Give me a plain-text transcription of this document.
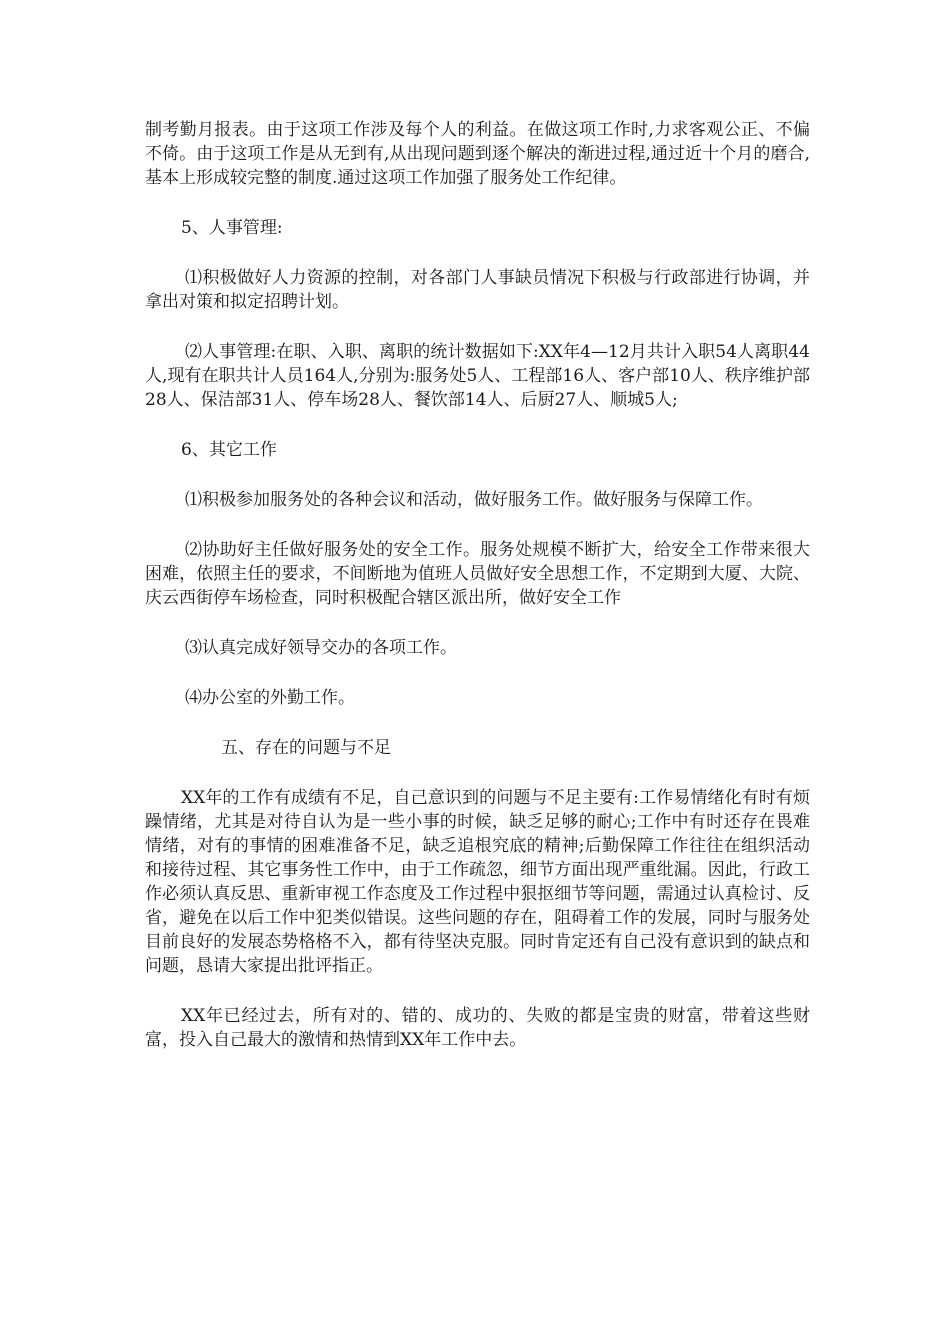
制考勤月报表。由于这项工作涉及每个人的利益。在做这项工作时,力求客观公正、不偏不倚。由于这项工作是从无到有,从出现问题到逐个解决的渐进过程,通过近十个月的磨合,基本上形成较完整的制度.通过这项工作加强了服务处工作纪律。

5、人事管理:

⑴积极做好人力资源的控制，对各部门人事缺员情况下积极与行政部进行协调，并拿出对策和拟定招聘计划。

⑵人事管理:在职、入职、离职的统计数据如下:XX年4—12月共计入职54人离职44人,现有在职共计人员164人,分别为:服务处5人、工程部16人、客户部10人、秩序维护部28人、保洁部31人、停车场28人、餐饮部14人、后厨27人、顺城5人;

6、其它工作

⑴积极参加服务处的各种会议和活动，做好服务工作。做好服务与保障工作。

⑵协助好主任做好服务处的安全工作。服务处规模不断扩大，给安全工作带来很大困难，依照主任的要求，不间断地为值班人员做好安全思想工作，不定期到大厦、大院、庆云西街停车场检查，同时积极配合辖区派出所，做好安全工作

⑶认真完成好领导交办的各项工作。

⑷办公室的外勤工作。

五、存在的问题与不足

XX年的工作有成绩有不足，自己意识到的问题与不足主要有:工作易情绪化有时有烦躁情绪，尤其是对待自认为是一些小事的时候，缺乏足够的耐心;工作中有时还存在畏难情绪，对有的事情的困难准备不足，缺乏追根究底的精神;后勤保障工作往往在组织活动和接待过程、其它事务性工作中，由于工作疏忽，细节方面出现严重纰漏。因此，行政工作必须认真反思、重新审视工作态度及工作过程中狠抠细节等问题，需通过认真检讨、反省，避免在以后工作中犯类似错误。这些问题的存在，阻碍着工作的发展，同时与服务处目前良好的发展态势格格不入，都有待坚决克服。同时肯定还有自己没有意识到的缺点和问题，恳请大家提出批评指正。

XX年已经过去，所有对的、错的、成功的、失败的都是宝贵的财富，带着这些财富，投入自己最大的激情和热情到XX年工作中去。
